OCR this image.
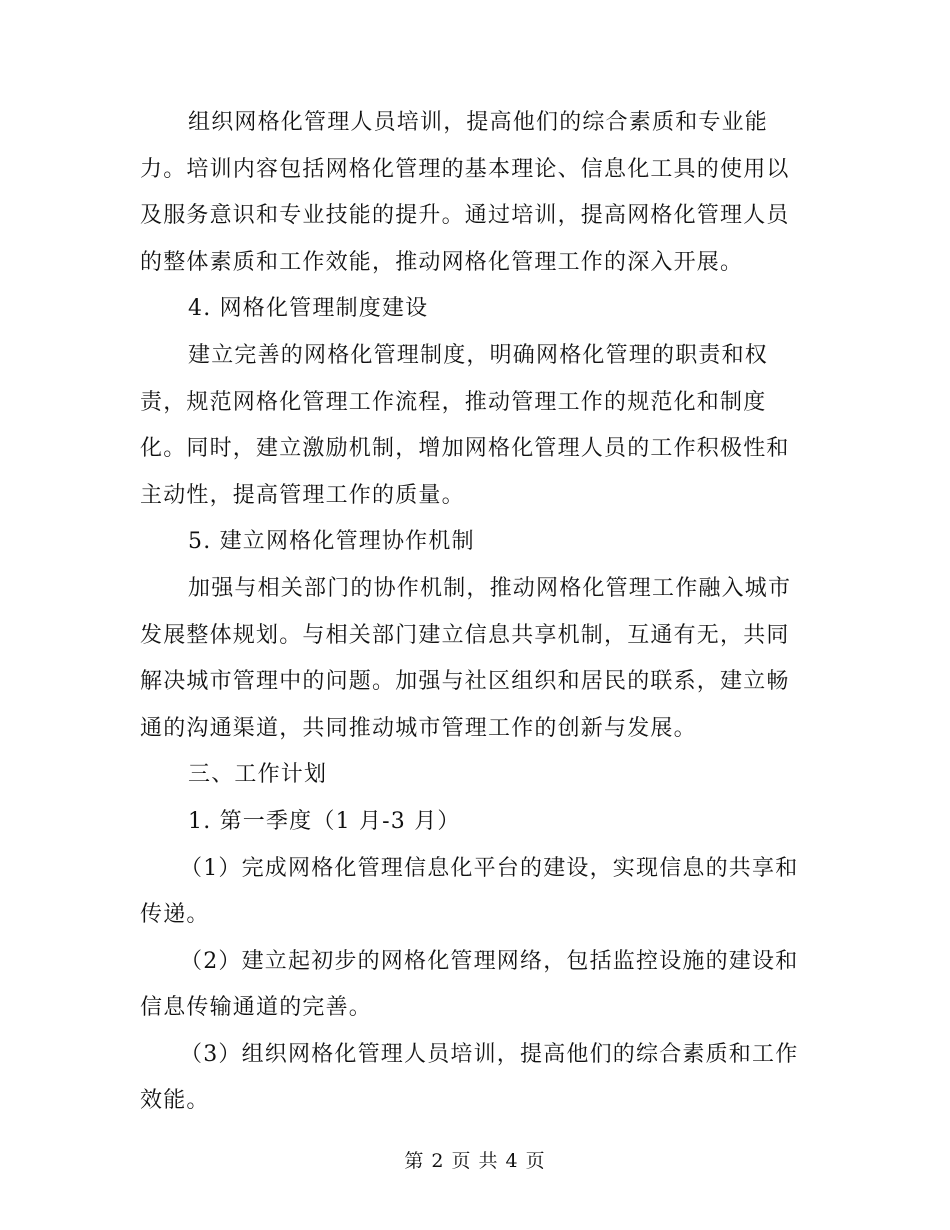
组织网格化管理人员培训，提高他们的综合素质和专业能
力。培训内容包括网格化管理的基本理论、信息化工具的使用以
及服务意识和专业技能的提升。通过培训，提高网格化管理人员
的整体素质和工作效能，推动网格化管理工作的深入开展。

4. 网格化管理制度建设

建立完善的网格化管理制度，明确网格化管理的职责和权
责，规范网格化管理工作流程，推动管理工作的规范化和制度
化。同时，建立激励机制，增加网格化管理人员的工作积极性和
主动性，提高管理工作的质量。

5. 建立网格化管理协作机制

加强与相关部门的协作机制，推动网格化管理工作融入城市
发展整体规划。与相关部门建立信息共享机制，互通有无，共同
解决城市管理中的问题。加强与社区组织和居民的联系，建立畅
通的沟通渠道，共同推动城市管理工作的创新与发展。

三、工作计划

1. 第一季度（1 月-3 月）

（1）完成网格化管理信息化平台的建设，实现信息的共享和
传递。

（2）建立起初步的网格化管理网络，包括监控设施的建设和
信息传输通道的完善。

（3）组织网格化管理人员培训，提高他们的综合素质和工作
效能。

第 2 页 共 4 页
